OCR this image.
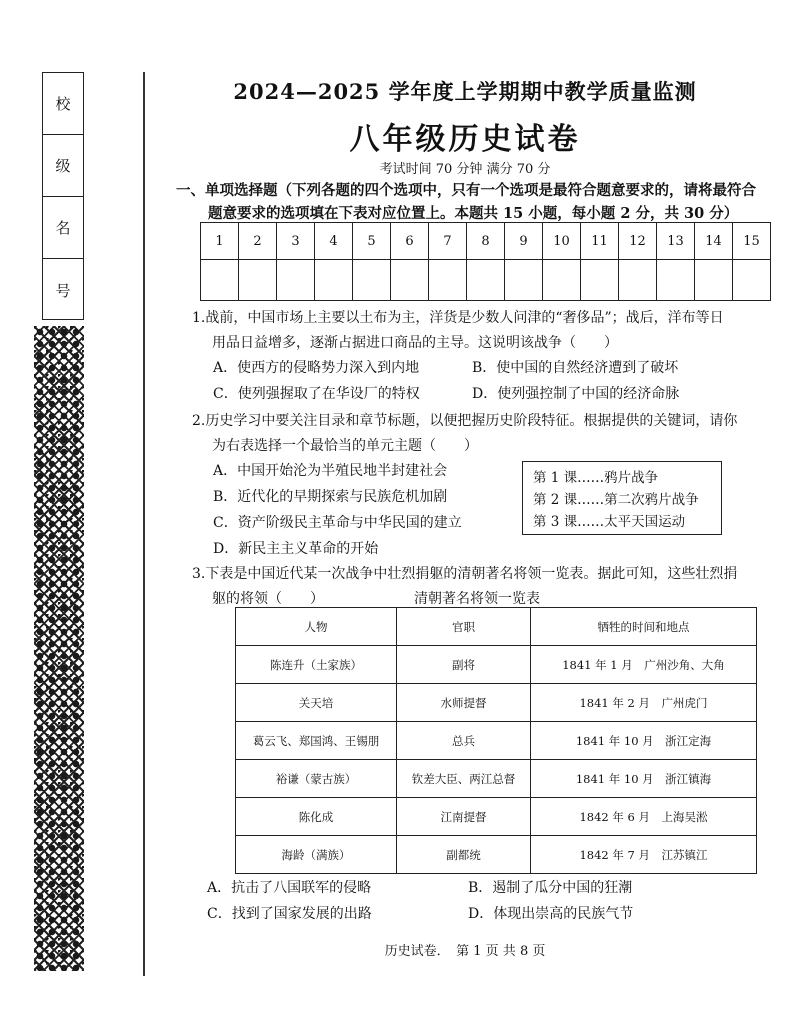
校
级
名
号
2024—2025 学年度上学期期中教学质量监测
八年级历史试卷
考试时间 70 分钟 满分 70 分
一、单项选择题（下列各题的四个选项中，只有一个选项是最符合题意要求的，请将最符合
题意要求的选项填在下表对应位置上。本题共 15 小题，每小题 2 分，共 30 分）
1	2	3	4	5	6	7	8	9	10	11	12	13	14	15

1.战前，中国市场上主要以土布为主，洋货是少数人问津的“奢侈品”；战后，洋布等日
用品日益增多，逐渐占据进口商品的主导。这说明该战争（　　）
A．使西方的侵略势力深入到内地	B．使中国的自然经济遭到了破坏
C．使列强握取了在华设厂的特权	D．使列强控制了中国的经济命脉
2.历史学习中要关注目录和章节标题，以便把握历史阶段特征。根据提供的关键词，请你
为右表选择一个最恰当的单元主题（　　）
A．中国开始沦为半殖民地半封建社会
B．近代化的早期探索与民族危机加剧
C．资产阶级民主革命与中华民国的建立
D．新民主主义革命的开始
第 1 课……鸦片战争
第 2 课……第二次鸦片战争
第 3 课……太平天国运动
3.下表是中国近代某一次战争中壮烈捐躯的清朝著名将领一览表。据此可知，这些壮烈捐
躯的将领（　　）	清朝著名将领一览表
人物	官职	牺牲的时间和地点
陈连升（土家族）	副将	1841 年 1 月　广州沙角、大角
关天培	水师提督	1841 年 2 月　广州虎门
葛云飞、郑国鸿、王锡朋	总兵	1841 年 10 月　浙江定海
裕谦（蒙古族）	钦差大臣、两江总督	1841 年 10 月　浙江镇海
陈化成	江南提督	1842 年 6 月　上海吴淞
海龄（满族）	副都统	1842 年 7 月　江苏镇江
A．抗击了八国联军的侵略	B．遏制了瓜分中国的狂潮
C．找到了国家发展的出路	D．体现出崇高的民族气节
历史试卷．　第 1 页 共 8 页
